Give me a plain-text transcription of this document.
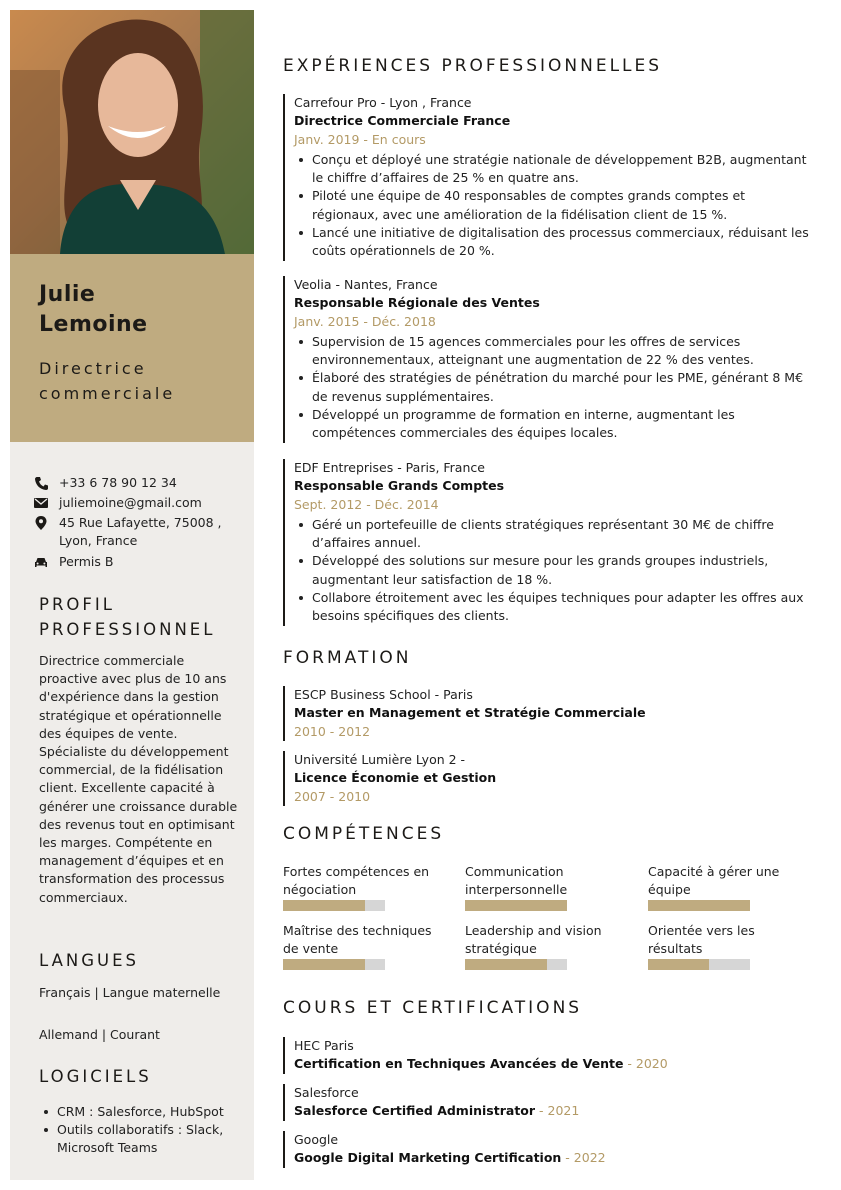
Julie
Lemoine
Directrice commerciale
+33 6 78 90 12 34
juliemoine@gmail.com
45 Rue Lafayette, 75008 , Lyon, France
Permis B
PROFIL PROFESSIONNEL
Directrice commerciale proactive avec plus de 10 ans d'expérience dans la gestion stratégique et opérationnelle des équipes de vente. Spécialiste du développement commercial, de la fidélisation client. Excellente capacité à générer une croissance durable des revenus tout en optimisant les marges. Compétente en management d’équipes et en transformation des processus commerciaux.
LANGUES
Français | Langue maternelle
Allemand | Courant
LOGICIELS
CRM : Salesforce, HubSpot
Outils collaboratifs : Slack, Microsoft Teams
EXPÉRIENCES PROFESSIONNELLES
Carrefour Pro - Lyon , France
Directrice Commerciale France
Janv. 2019 - En cours
Conçu et déployé une stratégie nationale de développement B2B, augmentant le chiffre d’affaires de 25 % en quatre ans.
Piloté une équipe de 40 responsables de comptes grands comptes et régionaux, avec une amélioration de la fidélisation client de 15 %.
Lancé une initiative de digitalisation des processus commerciaux, réduisant les coûts opérationnels de 20 %.
Veolia - Nantes, France
Responsable Régionale des Ventes
Janv. 2015 - Déc. 2018
Supervision de 15 agences commerciales pour les offres de services environnementaux, atteignant une augmentation de 22 % des ventes.
Élaboré des stratégies de pénétration du marché pour les PME, générant 8 M€ de revenus supplémentaires.
Développé un programme de formation en interne, augmentant les compétences commerciales des équipes locales.
EDF Entreprises - Paris, France
Responsable Grands Comptes
Sept. 2012 - Déc. 2014
Géré un portefeuille de clients stratégiques représentant 30 M€ de chiffre d’affaires annuel.
Développé des solutions sur mesure pour les grands groupes industriels, augmentant leur satisfaction de 18 %.
Collabore étroitement avec les équipes techniques pour adapter les offres aux besoins spécifiques des clients.
FORMATION
ESCP Business School - Paris
Master en Management et Stratégie Commerciale
2010 - 2012
Université Lumière Lyon 2 -
Licence Économie et Gestion
2007 - 2010
COMPÉTENCES
Fortes compétences en négociation
Communication interpersonnelle
Capacité à gérer une équipe
Maîtrise des techniques de vente
Leadership and vision stratégique
Orientée vers les résultats
COURS ET CERTIFICATIONS
HEC Paris
Certification en Techniques Avancées de Vente - 2020
Salesforce
Salesforce Certified Administrator - 2021
Google
Google Digital Marketing Certification - 2022
